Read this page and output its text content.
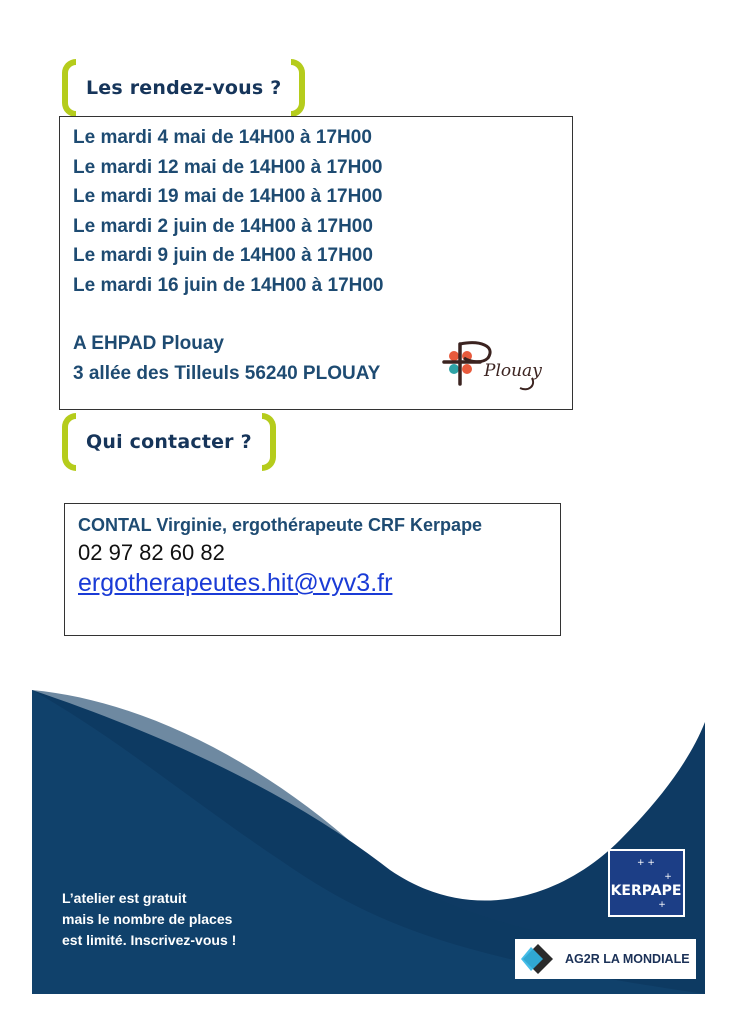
Les rendez-vous ?
Le mardi 4 mai de 14H00 à 17H00
Le mardi 12 mai de 14H00 à 17H00
Le mardi 19 mai de 14H00 à 17H00
Le mardi 2 juin de 14H00 à 17H00
Le mardi 9 juin de 14H00 à 17H00
Le mardi 16 juin de 14H00 à 17H00
A EHPAD Plouay
3 allée des Tilleuls 56240 PLOUAY	Plouay
Qui contacter ?
CONTAL Virginie, ergothérapeute CRF Kerpape
02 97 82 60 82
ergotherapeutes.hit@vyv3.fr
L’atelier est gratuit
mais le nombre de places
est limité. Inscrivez-vous !
+ +
+
KERPAPE
+
AG2R LA MONDIALE
